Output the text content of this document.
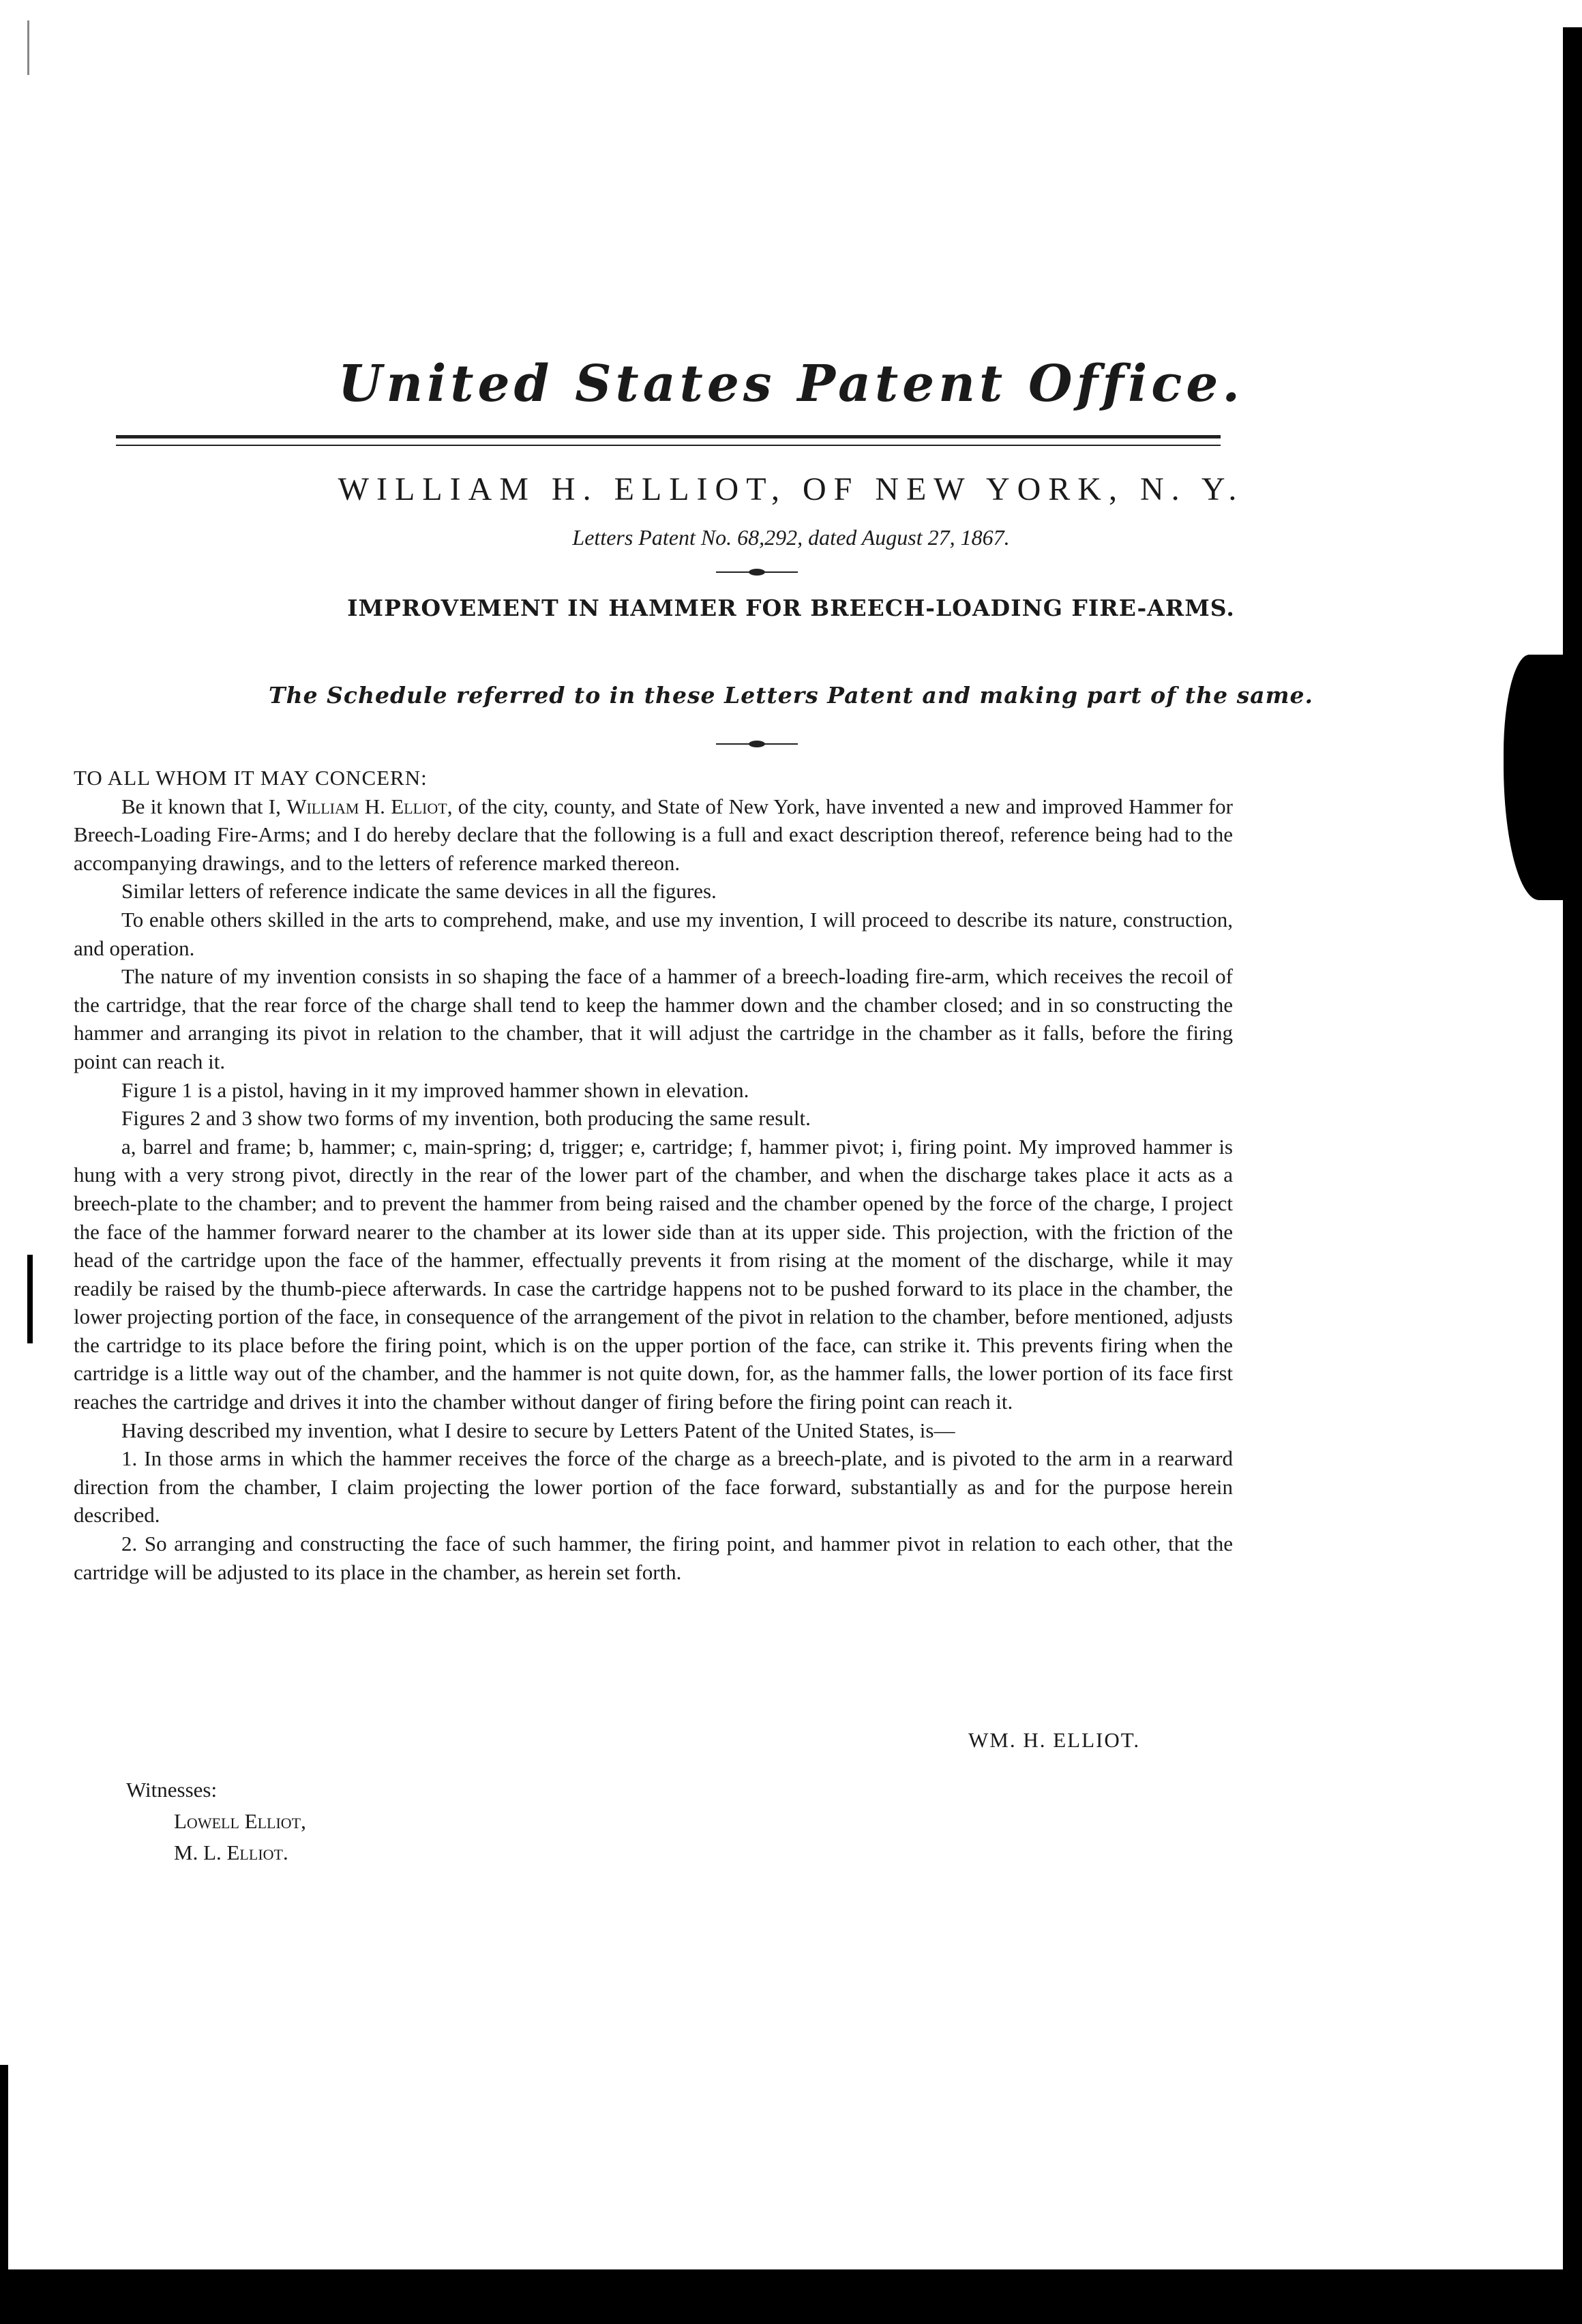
United States Patent Office.
WILLIAM H. ELLIOT, OF NEW YORK, N. Y.
Letters Patent No. 68,292, dated August 27, 1867.
IMPROVEMENT IN HAMMER FOR BREECH-LOADING FIRE-ARMS.
The Schedule referred to in these Letters Patent and making part of the same.

TO ALL WHOM IT MAY CONCERN:

Be it known that I, William H. Elliot, of the city, county, and State of New York, have invented a new and improved Hammer for Breech-Loading Fire-Arms; and I do hereby declare that the following is a full and exact description thereof, reference being had to the accompanying drawings, and to the letters of reference marked thereon.

Similar letters of reference indicate the same devices in all the figures.

To enable others skilled in the arts to comprehend, make, and use my invention, I will proceed to describe its nature, construction, and operation.

The nature of my invention consists in so shaping the face of a hammer of a breech-loading fire-arm, which receives the recoil of the cartridge, that the rear force of the charge shall tend to keep the hammer down and the chamber closed; and in so constructing the hammer and arranging its pivot in relation to the chamber, that it will adjust the cartridge in the chamber as it falls, before the firing point can reach it.

Figure 1 is a pistol, having in it my improved hammer shown in elevation.

Figures 2 and 3 show two forms of my invention, both producing the same result.

a, barrel and frame; b, hammer; c, main-spring; d, trigger; e, cartridge; f, hammer pivot; i, firing point. My improved hammer is hung with a very strong pivot, directly in the rear of the lower part of the chamber, and when the discharge takes place it acts as a breech-plate to the chamber; and to prevent the hammer from being raised and the chamber opened by the force of the charge, I project the face of the hammer forward nearer to the chamber at its lower side than at its upper side. This projection, with the friction of the head of the cartridge upon the face of the hammer, effectually prevents it from rising at the moment of the discharge, while it may readily be raised by the thumb-piece afterwards. In case the cartridge happens not to be pushed forward to its place in the chamber, the lower projecting portion of the face, in consequence of the arrangement of the pivot in relation to the chamber, before mentioned, adjusts the cartridge to its place before the firing point, which is on the upper portion of the face, can strike it. This prevents firing when the cartridge is a little way out of the chamber, and the hammer is not quite down, for, as the hammer falls, the lower portion of its face first reaches the cartridge and drives it into the chamber without danger of firing before the firing point can reach it.

Having described my invention, what I desire to secure by Letters Patent of the United States, is—

1. In those arms in which the hammer receives the force of the charge as a breech-plate, and is pivoted to the arm in a rearward direction from the chamber, I claim projecting the lower portion of the face forward, substantially as and for the purpose herein described.

2. So arranging and constructing the face of such hammer, the firing point, and hammer pivot in relation to each other, that the cartridge will be adjusted to its place in the chamber, as herein set forth.

WM. H. ELLIOT.
Witnesses:
Lowell Elliot,
M. L. Elliot.
